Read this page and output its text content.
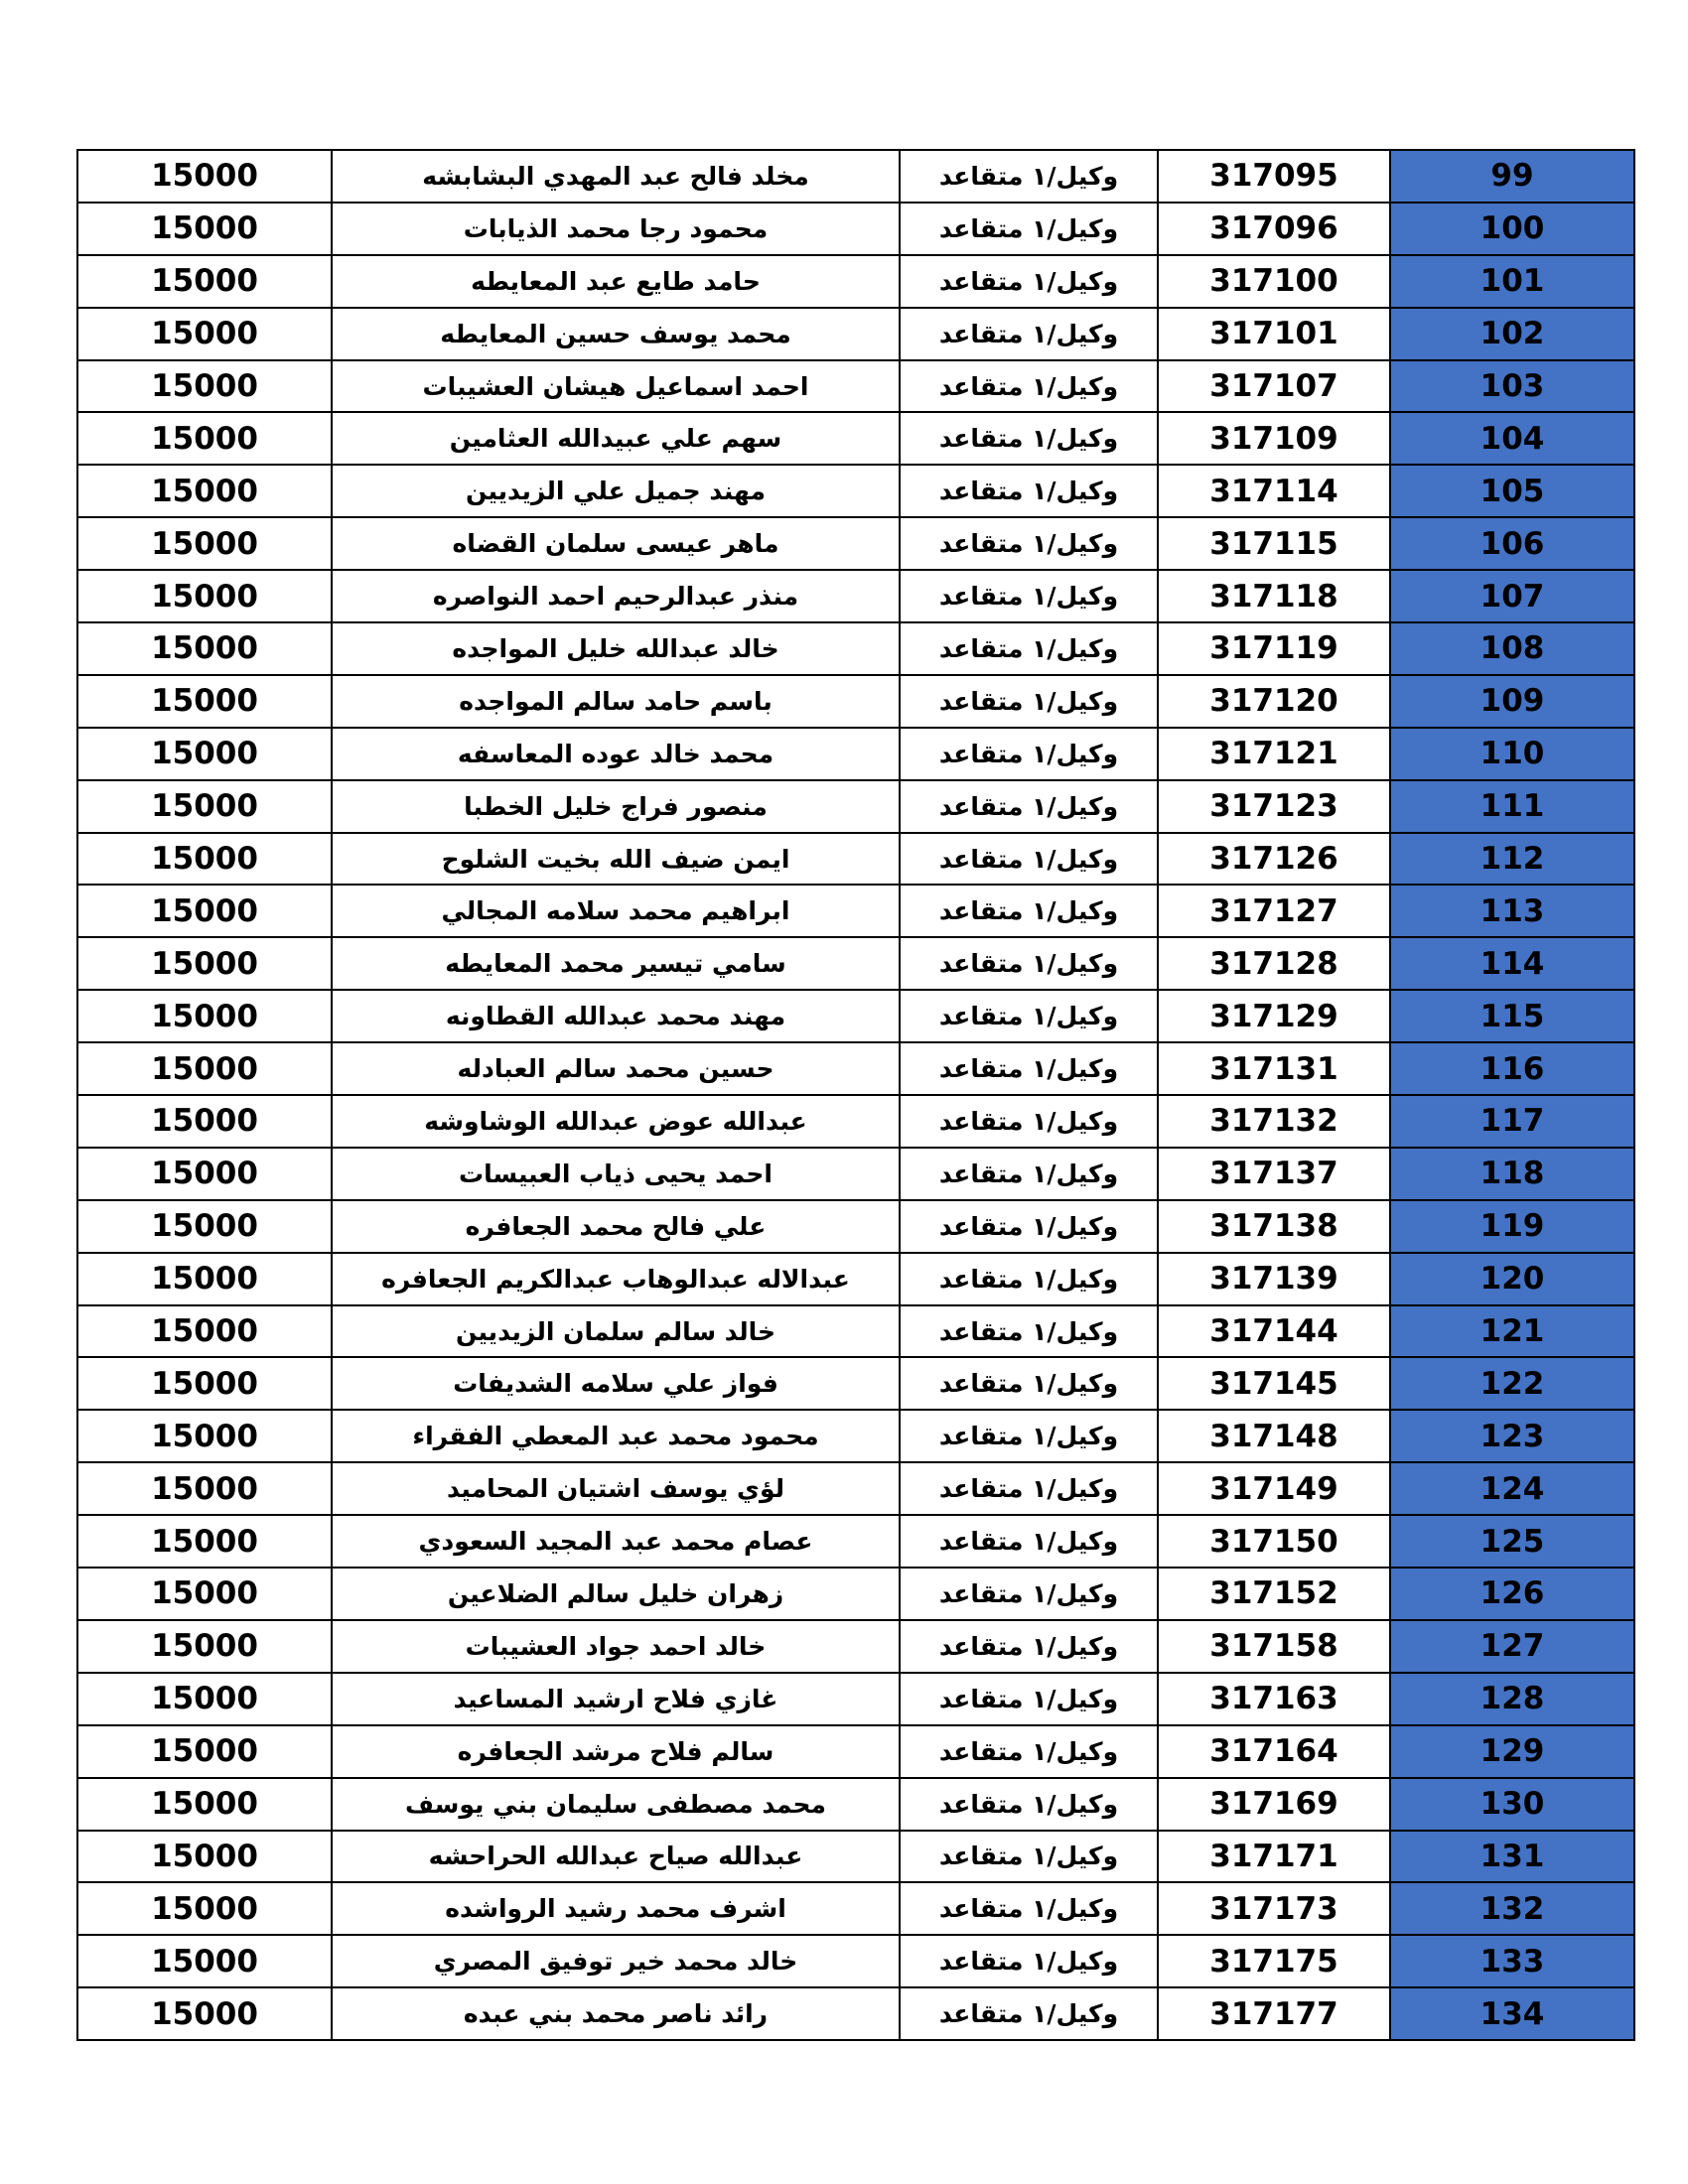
15000	مخلد فالح عبد المهدي البشابشه	وكيل/١ متقاعد	317095	99
15000	محمود رجا محمد الذيابات	وكيل/١ متقاعد	317096	100
15000	حامد طايع عبد المعايطه	وكيل/١ متقاعد	317100	101
15000	محمد يوسف حسين المعايطه	وكيل/١ متقاعد	317101	102
15000	احمد اسماعيل هيشان العشيبات	وكيل/١ متقاعد	317107	103
15000	سهم علي عبيدالله العثامين	وكيل/١ متقاعد	317109	104
15000	مهند جميل علي الزيديين	وكيل/١ متقاعد	317114	105
15000	ماهر عيسى سلمان القضاه	وكيل/١ متقاعد	317115	106
15000	منذر عبدالرحيم احمد النواصره	وكيل/١ متقاعد	317118	107
15000	خالد عبدالله خليل المواجده	وكيل/١ متقاعد	317119	108
15000	باسم حامد سالم المواجده	وكيل/١ متقاعد	317120	109
15000	محمد خالد عوده المعاسفه	وكيل/١ متقاعد	317121	110
15000	منصور فراج خليل الخطبا	وكيل/١ متقاعد	317123	111
15000	ايمن ضيف الله بخيت الشلوح	وكيل/١ متقاعد	317126	112
15000	ابراهيم محمد سلامه المجالي	وكيل/١ متقاعد	317127	113
15000	سامي تيسير محمد المعايطه	وكيل/١ متقاعد	317128	114
15000	مهند محمد عبدالله القطاونه	وكيل/١ متقاعد	317129	115
15000	حسين محمد سالم العبادله	وكيل/١ متقاعد	317131	116
15000	عبدالله عوض عبدالله الوشاوشه	وكيل/١ متقاعد	317132	117
15000	احمد يحيى ذياب العبيسات	وكيل/١ متقاعد	317137	118
15000	علي فالح محمد الجعافره	وكيل/١ متقاعد	317138	119
15000	عبدالاله عبدالوهاب عبدالكريم الجعافره	وكيل/١ متقاعد	317139	120
15000	خالد سالم سلمان الزيديين	وكيل/١ متقاعد	317144	121
15000	فواز علي سلامه الشديفات	وكيل/١ متقاعد	317145	122
15000	محمود محمد عبد المعطي الفقراء	وكيل/١ متقاعد	317148	123
15000	لؤي يوسف اشتيان المحاميد	وكيل/١ متقاعد	317149	124
15000	عصام محمد عبد المجيد السعودي	وكيل/١ متقاعد	317150	125
15000	زهران خليل سالم الضلاعين	وكيل/١ متقاعد	317152	126
15000	خالد احمد جواد العشيبات	وكيل/١ متقاعد	317158	127
15000	غازي فلاح ارشيد المساعيد	وكيل/١ متقاعد	317163	128
15000	سالم فلاح مرشد الجعافره	وكيل/١ متقاعد	317164	129
15000	محمد مصطفى سليمان بني يوسف	وكيل/١ متقاعد	317169	130
15000	عبدالله صياح عبدالله الحراحشه	وكيل/١ متقاعد	317171	131
15000	اشرف محمد رشيد الرواشده	وكيل/١ متقاعد	317173	132
15000	خالد محمد خير توفيق المصري	وكيل/١ متقاعد	317175	133
15000	رائد ناصر محمد بني عبده	وكيل/١ متقاعد	317177	134
